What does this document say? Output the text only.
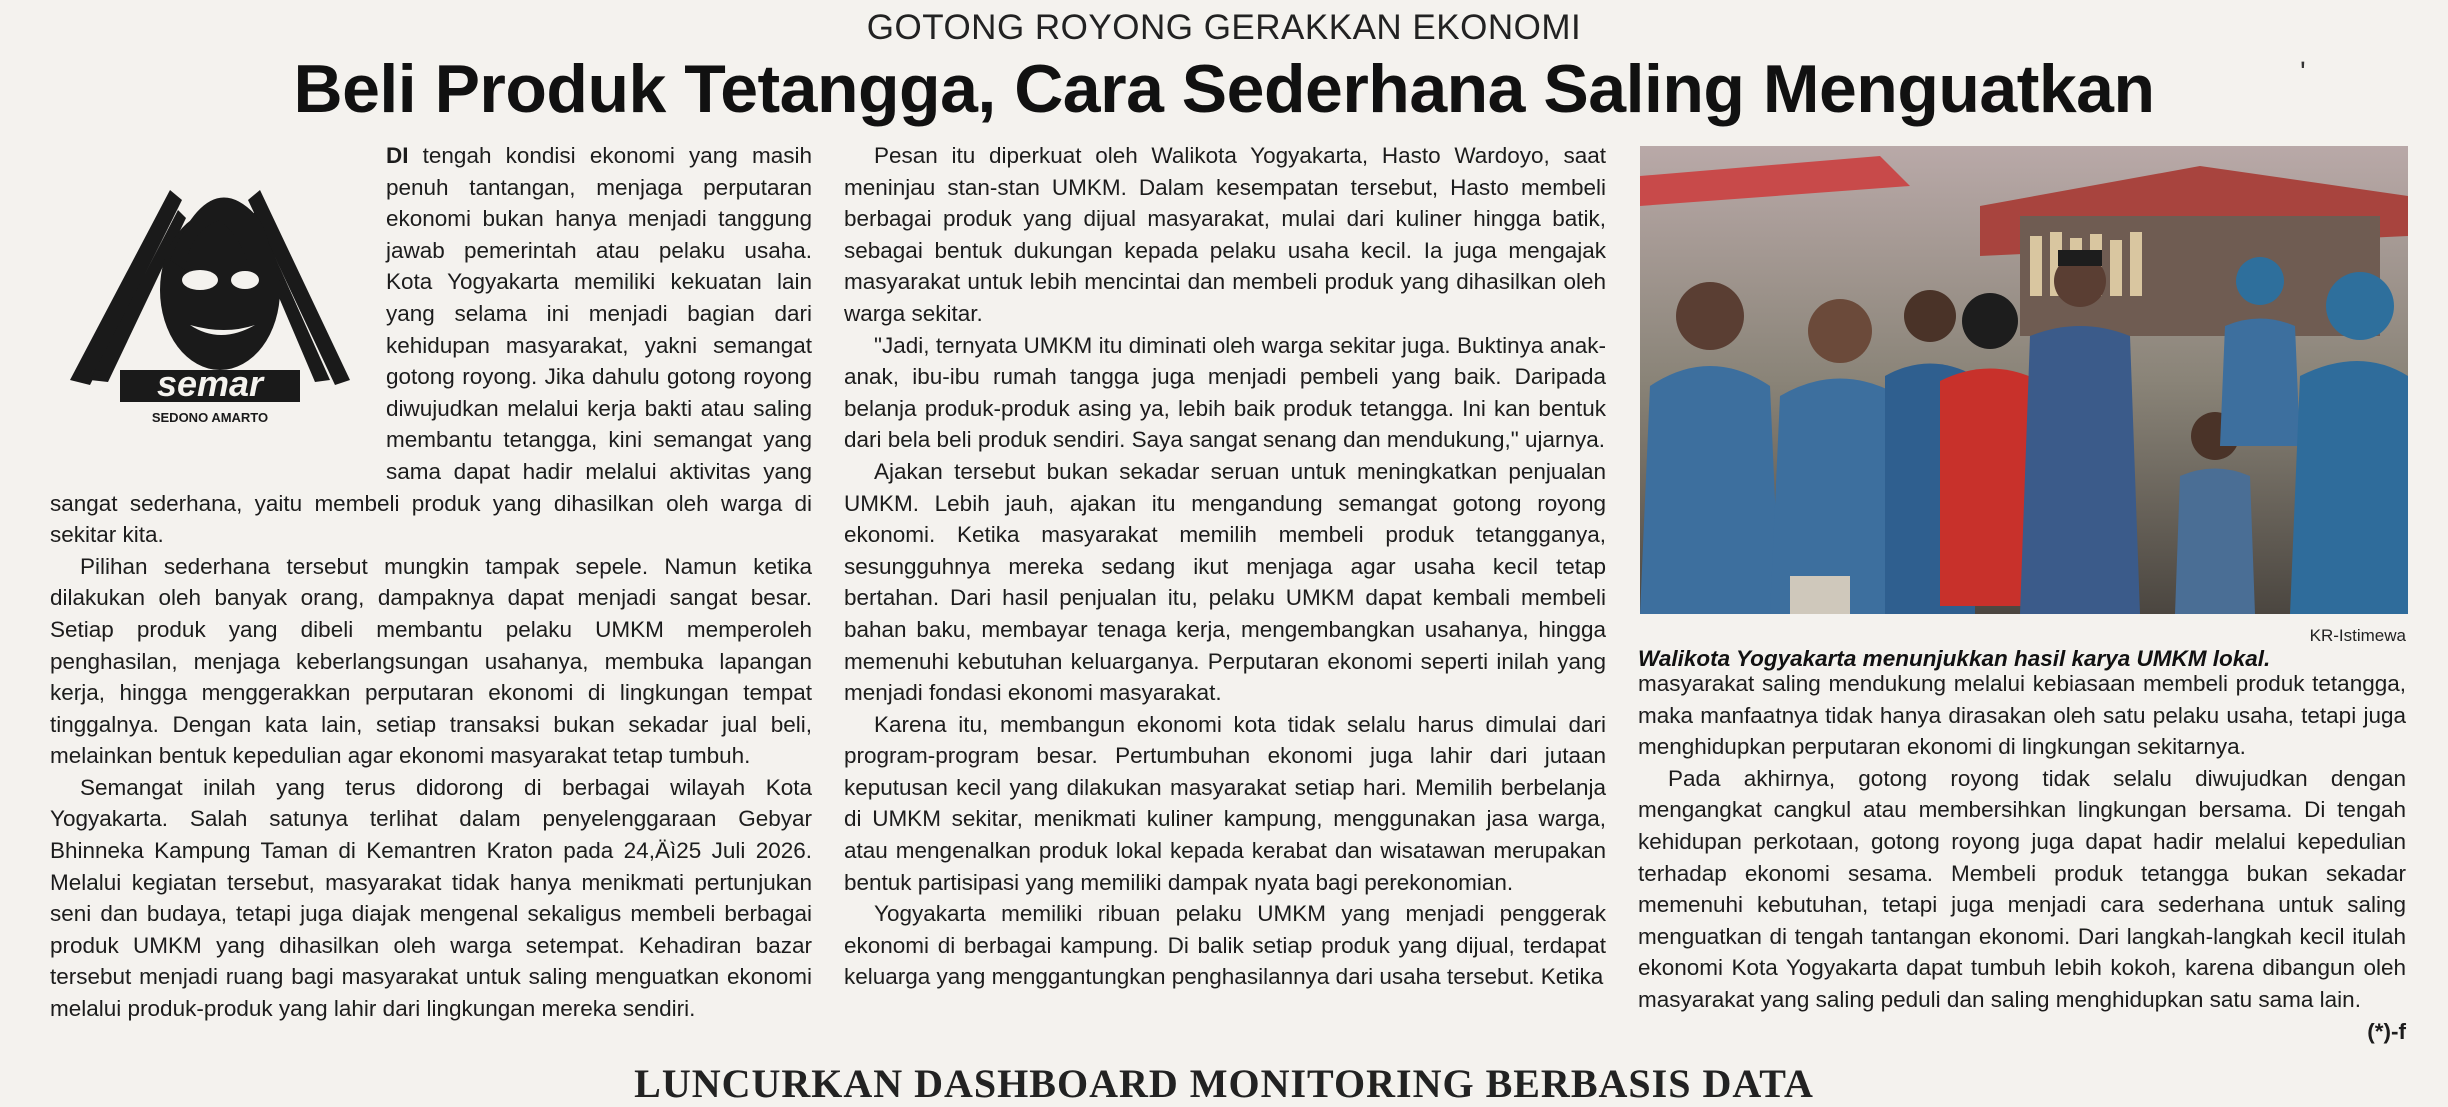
GOTONG ROYONG GERAKKAN EKONOMI
Beli Produk Tetangga, Cara Sederhana Saling Menguatkan	ʹ
semar
SEDONO AMARTO

DI tengah kondisi ekonomi yang masih penuh tantangan, menjaga perputaran ekonomi bukan hanya menjadi tanggung jawab pemerintah atau pelaku usaha. Kota Yogyakarta memiliki kekuatan lain yang selama ini menjadi bagian dari kehidupan masyarakat, yakni semangat gotong royong. Jika dahulu gotong royong diwujudkan melalui kerja bakti atau saling membantu tetangga, kini semangat yang sama dapat hadir melalui aktivitas yang sangat sederhana, yaitu membeli produk yang dihasilkan oleh warga di sekitar kita.

Pilihan sederhana tersebut mungkin tampak sepele. Namun ketika dilakukan oleh banyak orang, dampaknya dapat menjadi sangat besar. Setiap produk yang dibeli membantu pelaku UMKM memperoleh penghasilan, menjaga keberlangsungan usahanya, membuka lapangan kerja, hingga menggerakkan perputaran ekonomi di lingkungan tempat tinggalnya. Dengan kata lain, setiap transaksi bukan sekadar jual beli, melainkan bentuk kepedulian agar ekonomi masyarakat tetap tumbuh.

Semangat inilah yang terus didorong di berbagai wilayah Kota Yogyakarta. Salah satunya terlihat dalam penyelenggaraan Gebyar Bhinneka Kampung Taman di Kemantren Kraton pada 24,Äì25 Juli 2026. Melalui kegiatan tersebut, masyarakat tidak hanya menikmati pertunjukan seni dan budaya, tetapi juga diajak mengenal sekaligus membeli berbagai produk UMKM yang dihasilkan oleh warga setempat. Kehadiran bazar tersebut menjadi ruang bagi masyarakat untuk saling menguatkan ekonomi melalui produk-produk yang lahir dari lingkungan mereka sendiri.

Pesan itu diperkuat oleh Walikota Yogyakarta, Hasto Wardoyo, saat meninjau stan-stan UMKM. Dalam kesempatan tersebut, Hasto membeli berbagai produk yang dijual masyarakat, mulai dari kuliner hingga batik, sebagai bentuk dukungan kepada pelaku usaha kecil. Ia juga mengajak masyarakat untuk lebih mencintai dan membeli produk yang dihasilkan oleh warga sekitar.

"Jadi, ternyata UMKM itu diminati oleh warga sekitar juga. Buktinya anak-anak, ibu-ibu rumah tangga juga menjadi pembeli yang baik. Daripada belanja produk-produk asing ya, lebih baik produk tetangga. Ini kan bentuk dari bela beli produk sendiri. Saya sangat senang dan mendukung," ujarnya.

Ajakan tersebut bukan sekadar seruan untuk meningkatkan penjualan UMKM. Lebih jauh, ajakan itu mengandung semangat gotong royong ekonomi. Ketika masyarakat memilih membeli produk tetangganya, sesungguhnya mereka sedang ikut menjaga agar usaha kecil tetap bertahan. Dari hasil penjualan itu, pelaku UMKM dapat kembali membeli bahan baku, membayar tenaga kerja, mengembangkan usahanya, hingga memenuhi kebutuhan keluarganya. Perputaran ekonomi seperti inilah yang menjadi fondasi ekonomi masyarakat.

Karena itu, membangun ekonomi kota tidak selalu harus dimulai dari program-program besar. Pertumbuhan ekonomi juga lahir dari jutaan keputusan kecil yang dilakukan masyarakat setiap hari. Memilih berbelanja di UMKM sekitar, menikmati kuliner kampung, menggunakan jasa warga, atau mengenalkan produk lokal kepada kerabat dan wisatawan merupakan bentuk partisipasi yang memiliki dampak nyata bagi perekonomian.

Yogyakarta memiliki ribuan pelaku UMKM yang menjadi penggerak ekonomi di berbagai kampung. Di balik setiap produk yang dijual, terdapat keluarga yang menggantungkan penghasilannya dari usaha tersebut. Ketika

KR-Istimewa
Walikota Yogyakarta menunjukkan hasil karya UMKM lokal.

masyarakat saling mendukung melalui kebiasaan membeli produk tetangga, maka manfaatnya tidak hanya dirasakan oleh satu pelaku usaha, tetapi juga menghidupkan perputaran ekonomi di lingkungan sekitarnya.

Pada akhirnya, gotong royong tidak selalu diwujudkan dengan mengangkat cangkul atau membersihkan lingkungan bersama. Di tengah kehidupan perkotaan, gotong royong juga dapat hadir melalui kepedulian terhadap ekonomi sesama. Membeli produk tetangga bukan sekadar memenuhi kebutuhan, tetapi juga menjadi cara sederhana untuk saling menguatkan di tengah tantangan ekonomi. Dari langkah-langkah kecil itulah ekonomi Kota Yogyakarta dapat tumbuh lebih kokoh, karena dibangun oleh masyarakat yang saling peduli dan saling menghidupkan satu sama lain.
(*)-f

LUNCURKAN DASHBOARD MONITORING BERBASIS DATA
